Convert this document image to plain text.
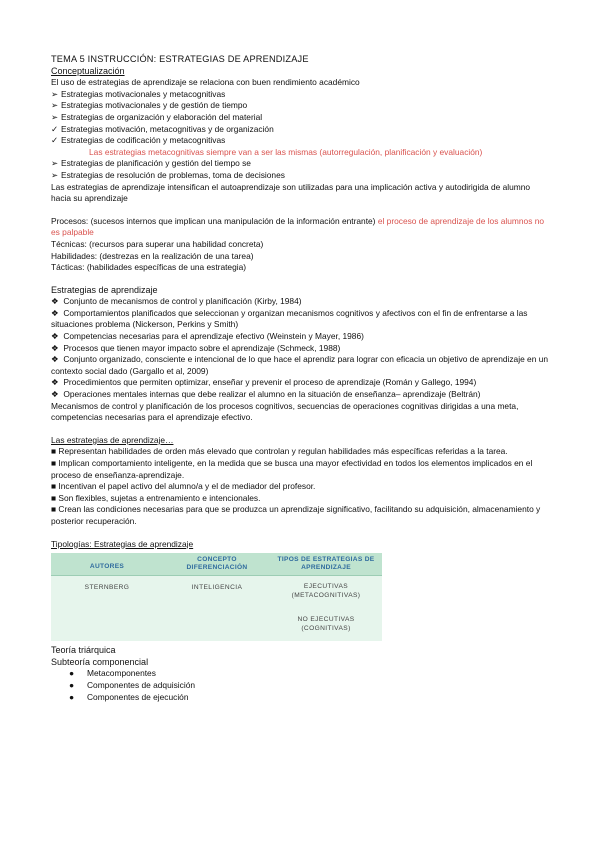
TEMA 5 INSTRUCCIÓN: ESTRATEGIAS DE APRENDIZAJE
Conceptualización
El uso de estrategias de aprendizaje se relaciona con buen rendimiento académico
➢ Estrategias motivacionales y metacognitivas
➢ Estrategias motivacionales y de gestión de tiempo
➢ Estrategias de organización y elaboración del material
✓ Estrategias motivación, metacognitivas y de organización
✓ Estrategias de codificación y metacognitivas
Las estrategias metacognitivas siempre van a ser las mismas (autorregulación, planificación y evaluación)
➢ Estrategias de planificación y gestión del tiempo se
➢ Estrategias de resolución de problemas, toma de decisiones
Las estrategias de aprendizaje intensifican el autoaprendizaje son utilizadas para una implicación activa y autodirigida de alumno hacia su aprendizaje
Procesos: (sucesos internos que implican una manipulación de la información entrante) el proceso de aprendizaje de los alumnos no es palpable
Técnicas: (recursos para superar una habilidad concreta)
Habilidades: (destrezas en la realización de una tarea)
Tácticas: (habilidades específicas de una estrategia)
Estrategias de aprendizaje
❖ Conjunto de mecanismos de control y planificación (Kirby, 1984)
❖ Comportamientos planificados que seleccionan y organizan mecanismos cognitivos y afectivos con el fin de enfrentarse a las situaciones problema (Nickerson, Perkins y Smith)
❖ Competencias necesarias para el aprendizaje efectivo (Weinstein y Mayer, 1986)
❖ Procesos que tienen mayor impacto sobre el aprendizaje (Schmeck, 1988)
❖ Conjunto organizado, consciente e intencional de lo que hace el aprendiz para lograr con eficacia un objetivo de aprendizaje en un contexto social dado (Gargallo et al, 2009)
❖ Procedimientos que permiten optimizar, enseñar y prevenir el proceso de aprendizaje (Román y Gallego, 1994)
❖ Operaciones mentales internas que debe realizar el alumno en la situación de enseñanza– aprendizaje (Beltrán)
Mecanismos de control y planificación de los procesos cognitivos, secuencias de operaciones cognitivas dirigidas a una meta, competencias necesarias para el aprendizaje efectivo.
Las estrategias de aprendizaje…
■ Representan habilidades de orden más elevado que controlan y regulan habilidades más específicas referidas a la tarea.
■ Implican comportamiento inteligente, en la medida que se busca una mayor efectividad en todos los elementos implicados en el proceso de enseñanza-aprendizaje.
■ Incentivan el papel activo del alumno/a y el de mediador del profesor.
■ Son flexibles, sujetas a entrenamiento e intencionales.
■ Crean las condiciones necesarias para que se produzca un aprendizaje significativo, facilitando su adquisición, almacenamiento y posterior recuperación.
Tipologías: Estrategias de aprendizaje
AUTORES
CONCEPTO DIFERENCIACIÓN
TIPOS DE ESTRATEGIAS DE APRENDIZAJE
STERNBERG	INTELIGENCIA	EJECUTIVAS (METACOGNITIVAS)
NO EJECUTIVAS (COGNITIVAS)
Teoría triárquica
Subteoría componencial
● Metacomponentes
● Componentes de adquisición
● Componentes de ejecución
